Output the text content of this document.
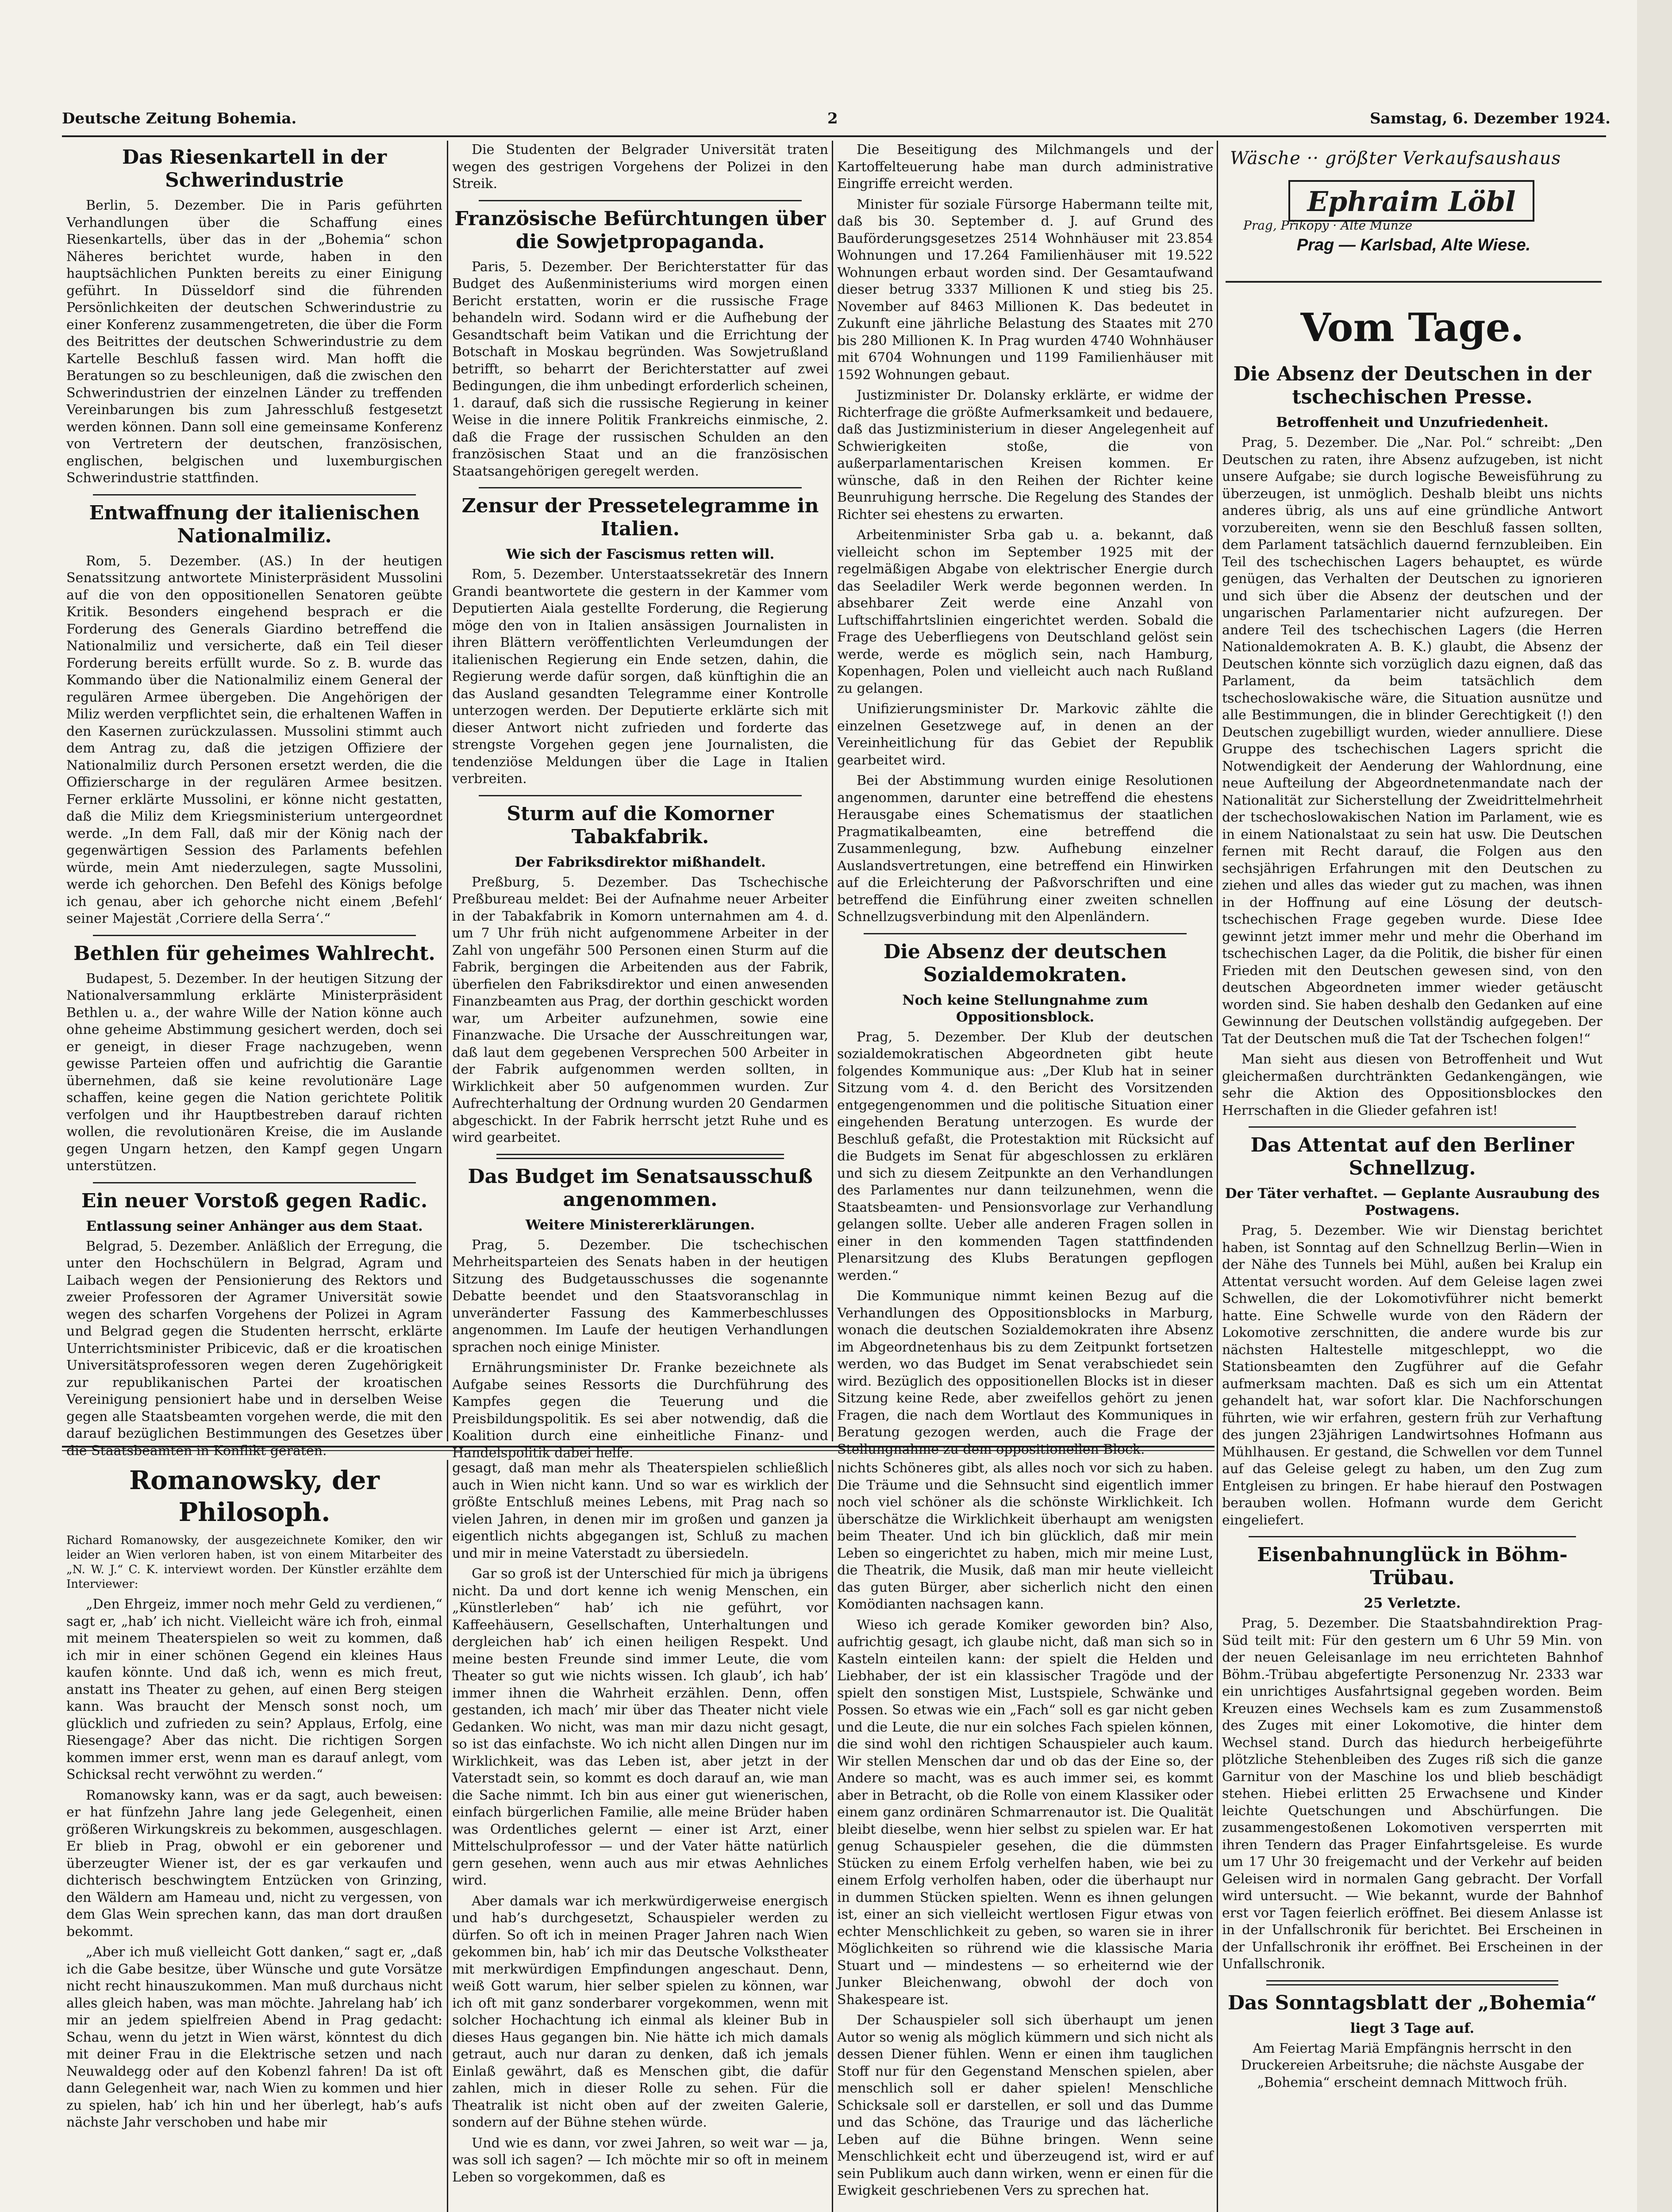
Deutsche Zeitung Bohemia.	2	Samstag, 6. Dezember 1924.
Das Riesenkartell in der Schwerindustrie

Berlin, 5. Dezember. Die in Paris geführten Verhandlungen über die Schaffung eines Riesenkartells, über das in der „Bohemia“ schon Näheres berichtet wurde, haben in den hauptsächlichen Punkten bereits zu einer Einigung geführt. In Düsseldorf sind die führenden Persönlichkeiten der deutschen Schwerindustrie zu einer Konferenz zusammengetreten, die über die Form des Beitrittes der deutschen Schwerindustrie zu dem Kartelle Beschluß fassen wird. Man hofft die Beratungen so zu beschleunigen, daß die zwischen den Schwerindustrien der einzelnen Länder zu treffenden Vereinbarungen bis zum Jahresschluß festgesetzt werden können. Dann soll eine gemeinsame Konferenz von Vertretern der deutschen, französischen, englischen, belgischen und luxemburgischen Schwerindustrie stattfinden.

Entwaffnung der italienischen Nationalmiliz.

Rom, 5. Dezember. (AS.) In der heutigen Senatssitzung antwortete Ministerpräsident Mussolini auf die von den oppositionellen Senatoren geübte Kritik. Besonders eingehend besprach er die Forderung des Generals Giardino betreffend die Nationalmiliz und versicherte, daß ein Teil dieser Forderung bereits erfüllt wurde. So z. B. wurde das Kommando über die Nationalmiliz einem General der regulären Armee übergeben. Die Angehörigen der Miliz werden verpflichtet sein, die erhaltenen Waffen in den Kasernen zurückzulassen. Mussolini stimmt auch dem Antrag zu, daß die jetzigen Offiziere der Nationalmiliz durch Personen ersetzt werden, die die Offizierscharge in der regulären Armee besitzen. Ferner erklärte Mussolini, er könne nicht gestatten, daß die Miliz dem Kriegsministerium untergeordnet werde. „In dem Fall, daß mir der König nach der gegenwärtigen Session des Parlaments befehlen würde, mein Amt niederzulegen, sagte Mussolini, werde ich gehorchen. Den Befehl des Königs befolge ich genau, aber ich gehorche nicht einem ‚Befehl‘ seiner Majestät ‚Corriere della Serra‘.“

Bethlen für geheimes Wahlrecht.

Budapest, 5. Dezember. In der heutigen Sitzung der Nationalversammlung erklärte Ministerpräsident Bethlen u. a., der wahre Wille der Nation könne auch ohne geheime Abstimmung gesichert werden, doch sei er geneigt, in dieser Frage nachzugeben, wenn gewisse Parteien offen und aufrichtig die Garantie übernehmen, daß sie keine revolutionäre Lage schaffen, keine gegen die Nation gerichtete Politik verfolgen und ihr Hauptbestreben darauf richten wollen, die revolutionären Kreise, die im Auslande gegen Ungarn hetzen, den Kampf gegen Ungarn unterstützen.

Ein neuer Vorstoß gegen Radic.
Entlassung seiner Anhänger aus dem Staat.

Belgrad, 5. Dezember. Anläßlich der Erregung, die unter den Hochschülern in Belgrad, Agram und Laibach wegen der Pensionierung des Rektors und zweier Professoren der Agramer Universität sowie wegen des scharfen Vorgehens der Polizei in Agram und Belgrad gegen die Studenten herrscht, erklärte Unterrichtsminister Pribicevic, daß er die kroatischen Universitätsprofessoren wegen deren Zugehörigkeit zur republikanischen Partei der kroatischen Vereinigung pensioniert habe und in derselben Weise gegen alle Staatsbeamten vorgehen werde, die mit den darauf bezüglichen Bestimmungen des Gesetzes über die Staatsbeamten in Konflikt geraten.

Die Studenten der Belgrader Universität traten wegen des gestrigen Vorgehens der Polizei in den Streik.

Französische Befürchtungen über die Sowjetpropaganda.

Paris, 5. Dezember. Der Berichterstatter für das Budget des Außenministeriums wird morgen einen Bericht erstatten, worin er die russische Frage behandeln wird. Sodann wird er die Aufhebung der Gesandtschaft beim Vatikan und die Errichtung der Botschaft in Moskau begründen. Was Sowjetrußland betrifft, so beharrt der Berichterstatter auf zwei Bedingungen, die ihm unbedingt erforderlich scheinen, 1. darauf, daß sich die russische Regierung in keiner Weise in die innere Politik Frankreichs einmische, 2. daß die Frage der russischen Schulden an den französischen Staat und an die französischen Staatsangehörigen geregelt werden.

Zensur der Pressetelegramme in Italien.
Wie sich der Fascismus retten will.

Rom, 5. Dezember. Unterstaatssekretär des Innern Grandi beantwortete die gestern in der Kammer vom Deputierten Aiala gestellte Forderung, die Regierung möge den von in Italien ansässigen Journalisten in ihren Blättern veröffentlichten Verleumdungen der italienischen Regierung ein Ende setzen, dahin, die Regierung werde dafür sorgen, daß künftighin die an das Ausland gesandten Telegramme einer Kontrolle unterzogen werden. Der Deputierte erklärte sich mit dieser Antwort nicht zufrieden und forderte das strengste Vorgehen gegen jene Journalisten, die tendenziöse Meldungen über die Lage in Italien verbreiten.

Sturm auf die Komorner Tabakfabrik.
Der Fabriksdirektor mißhandelt.

Preßburg, 5. Dezember. Das Tschechische Preßbureau meldet: Bei der Aufnahme neuer Arbeiter in der Tabakfabrik in Komorn unternahmen am 4. d. um 7 Uhr früh nicht aufgenommene Arbeiter in der Zahl von ungefähr 500 Personen einen Sturm auf die Fabrik, bergingen die Arbeitenden aus der Fabrik, überfielen den Fabriksdirektor und einen anwesenden Finanzbeamten aus Prag, der dorthin geschickt worden war, um Arbeiter aufzunehmen, sowie eine Finanzwache. Die Ursache der Ausschreitungen war, daß laut dem gegebenen Versprechen 500 Arbeiter in der Fabrik aufgenommen werden sollten, in Wirklichkeit aber 50 aufgenommen wurden. Zur Aufrechterhaltung der Ordnung wurden 20 Gendarmen abgeschickt. In der Fabrik herrscht jetzt Ruhe und es wird gearbeitet.

Das Budget im Senatsausschuß angenommen.
Weitere Ministererklärungen.

Prag, 5. Dezember. Die tschechischen Mehrheitsparteien des Senats haben in der heutigen Sitzung des Budgetausschusses die sogenannte Debatte beendet und den Staatsvoranschlag in unveränderter Fassung des Kammerbeschlusses angenommen. Im Laufe der heutigen Verhandlungen sprachen noch einige Minister.

Ernährungsminister Dr. Franke bezeichnete als Aufgabe seines Ressorts die Durchführung des Kampfes gegen die Teuerung und die Preisbildungspolitik. Es sei aber notwendig, daß die Koalition durch eine einheitliche Finanz- und Handelspolitik dabei helfe.

Die Beseitigung des Milchmangels und der Kartoffelteuerung habe man durch administrative Eingriffe erreicht werden.

Minister für soziale Fürsorge Habermann teilte mit, daß bis 30. September d. J. auf Grund des Bauförderungsgesetzes 2514 Wohnhäuser mit 23.854 Wohnungen und 17.264 Familienhäuser mit 19.522 Wohnungen erbaut worden sind. Der Gesamtaufwand dieser betrug 3337 Millionen K und stieg bis 25. November auf 8463 Millionen K. Das bedeutet in Zukunft eine jährliche Belastung des Staates mit 270 bis 280 Millionen K. In Prag wurden 4740 Wohnhäuser mit 6704 Wohnungen und 1199 Familienhäuser mit 1592 Wohnungen gebaut.

Justizminister Dr. Dolansky erklärte, er widme der Richterfrage die größte Aufmerksamkeit und bedauere, daß das Justizministerium in dieser Angelegenheit auf Schwierigkeiten stoße, die von außerparlamentarischen Kreisen kommen. Er wünsche, daß in den Reihen der Richter keine Beunruhigung herrsche. Die Regelung des Standes der Richter sei ehestens zu erwarten.

Arbeitenminister Srba gab u. a. bekannt, daß vielleicht schon im September 1925 mit der regelmäßigen Abgabe von elektrischer Energie durch das Seeladiler Werk werde begonnen werden. In absehbarer Zeit werde eine Anzahl von Luftschiffahrtslinien eingerichtet werden. Sobald die Frage des Ueberfliegens von Deutschland gelöst sein werde, werde es möglich sein, nach Hamburg, Kopenhagen, Polen und vielleicht auch nach Rußland zu gelangen.

Unifizierungsminister Dr. Markovic zählte die einzelnen Gesetzwege auf, in denen an der Vereinheitlichung für das Gebiet der Republik gearbeitet wird.

Bei der Abstimmung wurden einige Resolutionen angenommen, darunter eine betreffend die ehestens Herausgabe eines Schematismus der staatlichen Pragmatikalbeamten, eine betreffend die Zusammenlegung, bzw. Aufhebung einzelner Auslandsvertretungen, eine betreffend ein Hinwirken auf die Erleichterung der Paßvorschriften und eine betreffend die Einführung einer zweiten schnellen Schnellzugsverbindung mit den Alpenländern.

Die Absenz der deutschen Sozialdemokraten.
Noch keine Stellungnahme zum Oppositionsblock.

Prag, 5. Dezember. Der Klub der deutschen sozialdemokratischen Abgeordneten gibt heute folgendes Kommunique aus: „Der Klub hat in seiner Sitzung vom 4. d. den Bericht des Vorsitzenden entgegengenommen und die politische Situation einer eingehenden Beratung unterzogen. Es wurde der Beschluß gefaßt, die Protestaktion mit Rücksicht auf die Budgets im Senat für abgeschlossen zu erklären und sich zu diesem Zeitpunkte an den Verhandlungen des Parlamentes nur dann teilzunehmen, wenn die Staatsbeamten- und Pensionsvorlage zur Verhandlung gelangen sollte. Ueber alle anderen Fragen sollen in einer in den kommenden Tagen stattfindenden Plenarsitzung des Klubs Beratungen gepflogen werden.“

Die Kommunique nimmt keinen Bezug auf die Verhandlungen des Oppositionsblocks in Marburg, wonach die deutschen Sozialdemokraten ihre Absenz im Abgeordnetenhaus bis zu dem Zeitpunkt fortsetzen werden, wo das Budget im Senat verabschiedet sein wird. Bezüglich des oppositionellen Blocks ist in dieser Sitzung keine Rede, aber zweifellos gehört zu jenen Fragen, die nach dem Wortlaut des Kommuniques in Beratung gezogen werden, auch die Frage der Stellungnahme zu dem oppositionellen Block.

Wäsche ·· größter Verkaufsaushaus
Ephraim Löbl
Prag, Přikopy · Alte Münze
Prag — Karlsbad, Alte Wiese.
Vom Tage.
Die Absenz der Deutschen in der tschechischen Presse.
Betroffenheit und Unzufriedenheit.

Prag, 5. Dezember. Die „Nar. Pol.“ schreibt: „Den Deutschen zu raten, ihre Absenz aufzugeben, ist nicht unsere Aufgabe; sie durch logische Beweisführung zu überzeugen, ist unmöglich. Deshalb bleibt uns nichts anderes übrig, als uns auf eine gründliche Antwort vorzubereiten, wenn sie den Beschluß fassen sollten, dem Parlament tatsächlich dauernd fernzubleiben. Ein Teil des tschechischen Lagers behauptet, es würde genügen, das Verhalten der Deutschen zu ignorieren und sich über die Absenz der deutschen und der ungarischen Parlamentarier nicht aufzuregen. Der andere Teil des tschechischen Lagers (die Herren Nationaldemokraten A. B. K.) glaubt, die Absenz der Deutschen könnte sich vorzüglich dazu eignen, daß das Parlament, da beim tatsächlich dem tschechoslowakische wäre, die Situation ausnütze und alle Bestimmungen, die in blinder Gerechtigkeit (!) den Deutschen zugebilligt wurden, wieder annulliere. Diese Gruppe des tschechischen Lagers spricht die Notwendigkeit der Aenderung der Wahlordnung, eine neue Aufteilung der Abgeordnetenmandate nach der Nationalität zur Sicherstellung der Zweidrittelmehrheit der tschechoslowakischen Nation im Parlament, wie es in einem Nationalstaat zu sein hat usw. Die Deutschen fernen mit Recht darauf, die Folgen aus den sechsjährigen Erfahrungen mit den Deutschen zu ziehen und alles das wieder gut zu machen, was ihnen in der Hoffnung auf eine Lösung der deutsch-tschechischen Frage gegeben wurde. Diese Idee gewinnt jetzt immer mehr und mehr die Oberhand im tschechischen Lager, da die Politik, die bisher für einen Frieden mit den Deutschen gewesen sind, von den deutschen Abgeordneten immer wieder getäuscht worden sind. Sie haben deshalb den Gedanken auf eine Gewinnung der Deutschen vollständig aufgegeben. Der Tat der Deutschen muß die Tat der Tschechen folgen!“

Man sieht aus diesen von Betroffenheit und Wut gleichermaßen durchtränkten Gedankengängen, wie sehr die Aktion des Oppositionsblockes den Herrschaften in die Glieder gefahren ist!

Das Attentat auf den Berliner Schnellzug.
Der Täter verhaftet. — Geplante Ausraubung des Postwagens.

Prag, 5. Dezember. Wie wir Dienstag berichtet haben, ist Sonntag auf den Schnellzug Berlin—Wien in der Nähe des Tunnels bei Mühl, außen bei Kralup ein Attentat versucht worden. Auf dem Geleise lagen zwei Schwellen, die der Lokomotivführer nicht bemerkt hatte. Eine Schwelle wurde von den Rädern der Lokomotive zerschnitten, die andere wurde bis zur nächsten Haltestelle mitgeschleppt, wo die Stationsbeamten den Zugführer auf die Gefahr aufmerksam machten. Daß es sich um ein Attentat gehandelt hat, war sofort klar. Die Nachforschungen führten, wie wir erfahren, gestern früh zur Verhaftung des jungen 23jährigen Landwirtsohnes Hofmann aus Mühlhausen. Er gestand, die Schwellen vor dem Tunnel auf das Geleise gelegt zu haben, um den Zug zum Entgleisen zu bringen. Er habe hierauf den Postwagen berauben wollen. Hofmann wurde dem Gericht eingeliefert.

Eisenbahnunglück in Böhm-Trübau.
25 Verletzte.

Prag, 5. Dezember. Die Staatsbahndirektion Prag-Süd teilt mit: Für den gestern um 6 Uhr 59 Min. von der neuen Geleisanlage im neu errichteten Bahnhof Böhm.-Trübau abgefertigte Personenzug Nr. 2333 war ein unrichtiges Ausfahrtsignal gegeben worden. Beim Kreuzen eines Wechsels kam es zum Zusammenstoß des Zuges mit einer Lokomotive, die hinter dem Wechsel stand. Durch das hiedurch herbeigeführte plötzliche Stehenbleiben des Zuges riß sich die ganze Garnitur von der Maschine los und blieb beschädigt stehen. Hiebei erlitten 25 Erwachsene und Kinder leichte Quetschungen und Abschürfungen. Die zusammengestoßenen Lokomotiven versperrten mit ihren Tendern das Prager Einfahrtsgeleise. Es wurde um 17 Uhr 30 freigemacht und der Verkehr auf beiden Geleisen wird in normalen Gang gebracht. Der Vorfall wird untersucht. — Wie bekannt, wurde der Bahnhof erst vor Tagen feierlich eröffnet. Bei diesem Anlasse ist in der Unfallschronik für berichtet. Bei Erscheinen in der Unfallschronik ihr eröffnet. Bei Erscheinen in der Unfallschronik.

Das Sonntagsblatt der „Bohemia“
liegt 3 Tage auf.

Am Feiertag Mariä Empfängnis herrscht in den Druckereien Arbeitsruhe; die nächste Ausgabe der „Bohemia“ erscheint demnach Mittwoch früh.

Romanowsky, der Philosoph.

Richard Romanowsky, der ausgezeichnete Komiker, den wir leider an Wien verloren haben, ist von einem Mitarbeiter des „N. W. J.“ C. K. interviewt worden. Der Künstler erzählte dem Interviewer:

„Den Ehrgeiz, immer noch mehr Geld zu verdienen,“ sagt er, „hab’ ich nicht. Vielleicht wäre ich froh, einmal mit meinem Theaterspielen so weit zu kommen, daß ich mir in einer schönen Gegend ein kleines Haus kaufen könnte. Und daß ich, wenn es mich freut, anstatt ins Theater zu gehen, auf einen Berg steigen kann. Was braucht der Mensch sonst noch, um glücklich und zufrieden zu sein? Applaus, Erfolg, eine Riesengage? Aber das nicht. Die richtigen Sorgen kommen immer erst, wenn man es darauf anlegt, vom Schicksal recht verwöhnt zu werden.“

Romanowsky kann, was er da sagt, auch beweisen: er hat fünfzehn Jahre lang jede Gelegenheit, einen größeren Wirkungskreis zu bekommen, ausgeschlagen. Er blieb in Prag, obwohl er ein geborener und überzeugter Wiener ist, der es gar verkaufen und dichterisch beschwingtem Entzücken von Grinzing, den Wäldern am Hameau und, nicht zu vergessen, von dem Glas Wein sprechen kann, das man dort draußen bekommt.

„Aber ich muß vielleicht Gott danken,“ sagt er, „daß ich die Gabe besitze, über Wünsche und gute Vorsätze nicht recht hinauszukommen. Man muß durchaus nicht alles gleich haben, was man möchte. Jahrelang hab’ ich mir an jedem spielfreien Abend in Prag gedacht: Schau, wenn du jetzt in Wien wärst, könntest du dich mit deiner Frau in die Elektrische setzen und nach Neuwaldegg oder auf den Kobenzl fahren! Da ist oft dann Gelegenheit war, nach Wien zu kommen und hier zu spielen, hab’ ich hin und her überlegt, hab’s aufs nächste Jahr verschoben und habe mir

gesagt, daß man mehr als Theaterspielen schließlich auch in Wien nicht kann. Und so war es wirklich der größte Entschluß meines Lebens, mit Prag nach so vielen Jahren, in denen mir im großen und ganzen ja eigentlich nichts abgegangen ist, Schluß zu machen und mir in meine Vaterstadt zu übersiedeln.

Gar so groß ist der Unterschied für mich ja übrigens nicht. Da und dort kenne ich wenig Menschen, ein „Künstlerleben“ hab’ ich nie geführt, vor Kaffeehäusern, Gesellschaften, Unterhaltungen und dergleichen hab’ ich einen heiligen Respekt. Und meine besten Freunde sind immer Leute, die vom Theater so gut wie nichts wissen. Ich glaub’, ich hab’ immer ihnen die Wahrheit erzählen. Denn, offen gestanden, ich mach’ mir über das Theater nicht viele Gedanken. Wo nicht, was man mir dazu nicht gesagt, so ist das einfachste. Wo ich nicht allen Dingen nur im Wirklichkeit, was das Leben ist, aber jetzt in der Vaterstadt sein, so kommt es doch darauf an, wie man die Sache nimmt. Ich bin aus einer gut wienerischen, einfach bürgerlichen Familie, alle meine Brüder haben was Ordentliches gelernt — einer ist Arzt, einer Mittelschulprofessor — und der Vater hätte natürlich gern gesehen, wenn auch aus mir etwas Aehnliches wird.

Aber damals war ich merkwürdigerweise energisch und hab’s durchgesetzt, Schauspieler werden zu dürfen. So oft ich in meinen Prager Jahren nach Wien gekommen bin, hab’ ich mir das Deutsche Volkstheater mit merkwürdigen Empfindungen angeschaut. Denn, weiß Gott warum, hier selber spielen zu können, war ich oft mit ganz sonderbarer vorgekommen, wenn mit solcher Hochachtung ich einmal als kleiner Bub in dieses Haus gegangen bin. Nie hätte ich mich damals getraut, auch nur daran zu denken, daß ich jemals Einlaß gewährt, daß es Menschen gibt, die dafür zahlen, mich in dieser Rolle zu sehen. Für die Theatralik ist nicht oben auf der zweiten Galerie, sondern auf der Bühne stehen würde.

Und wie es dann, vor zwei Jahren, so weit war — ja, was soll ich sagen? — Ich möchte mir so oft in meinem Leben so vorgekommen, daß es

nichts Schöneres gibt, als alles noch vor sich zu haben. Die Träume und die Sehnsucht sind eigentlich immer noch viel schöner als die schönste Wirklichkeit. Ich überschätze die Wirklichkeit überhaupt am wenigsten beim Theater. Und ich bin glücklich, daß mir mein Leben so eingerichtet zu haben, mich mir meine Lust, die Theatrik, die Musik, daß man mir heute vielleicht das guten Bürger, aber sicherlich nicht den einen Komödianten nachsagen kann.

Wieso ich gerade Komiker geworden bin? Also, aufrichtig gesagt, ich glaube nicht, daß man sich so in Kasteln einteilen kann: der spielt die Helden und Liebhaber, der ist ein klassischer Tragöde und der spielt den sonstigen Mist, Lustspiele, Schwänke und Possen. So etwas wie ein „Fach“ soll es gar nicht geben und die Leute, die nur ein solches Fach spielen können, die sind wohl den richtigen Schauspieler auch kaum. Wir stellen Menschen dar und ob das der Eine so, der Andere so macht, was es auch immer sei, es kommt aber in Betracht, ob die Rolle von einem Klassiker oder einem ganz ordinären Schmarrenautor ist. Die Qualität bleibt dieselbe, wenn hier selbst zu spielen war. Er hat genug Schauspieler gesehen, die die dümmsten Stücken zu einem Erfolg verhelfen haben, wie bei zu einem Erfolg verholfen haben, oder die überhaupt nur in dummen Stücken spielten. Wenn es ihnen gelungen ist, einer an sich vielleicht wertlosen Figur etwas von echter Menschlichkeit zu geben, so waren sie in ihrer Möglichkeiten so rührend wie die klassische Maria Stuart und — mindestens — so erheiternd wie der Junker Bleichenwang, obwohl der doch von Shakespeare ist.

Der Schauspieler soll sich überhaupt um jenen Autor so wenig als möglich kümmern und sich nicht als dessen Diener fühlen. Wenn er einen ihm tauglichen Stoff nur für den Gegenstand Menschen spielen, aber menschlich soll er daher spielen! Menschliche Schicksale soll er darstellen, er soll und das Dumme und das Schöne, das Traurige und das lächerliche Leben auf die Bühne bringen. Wenn seine Menschlichkeit echt und überzeugend ist, wird er auf sein Publikum auch dann wirken, wenn er einen für die Ewigkeit geschriebenen Vers zu sprechen hat.
